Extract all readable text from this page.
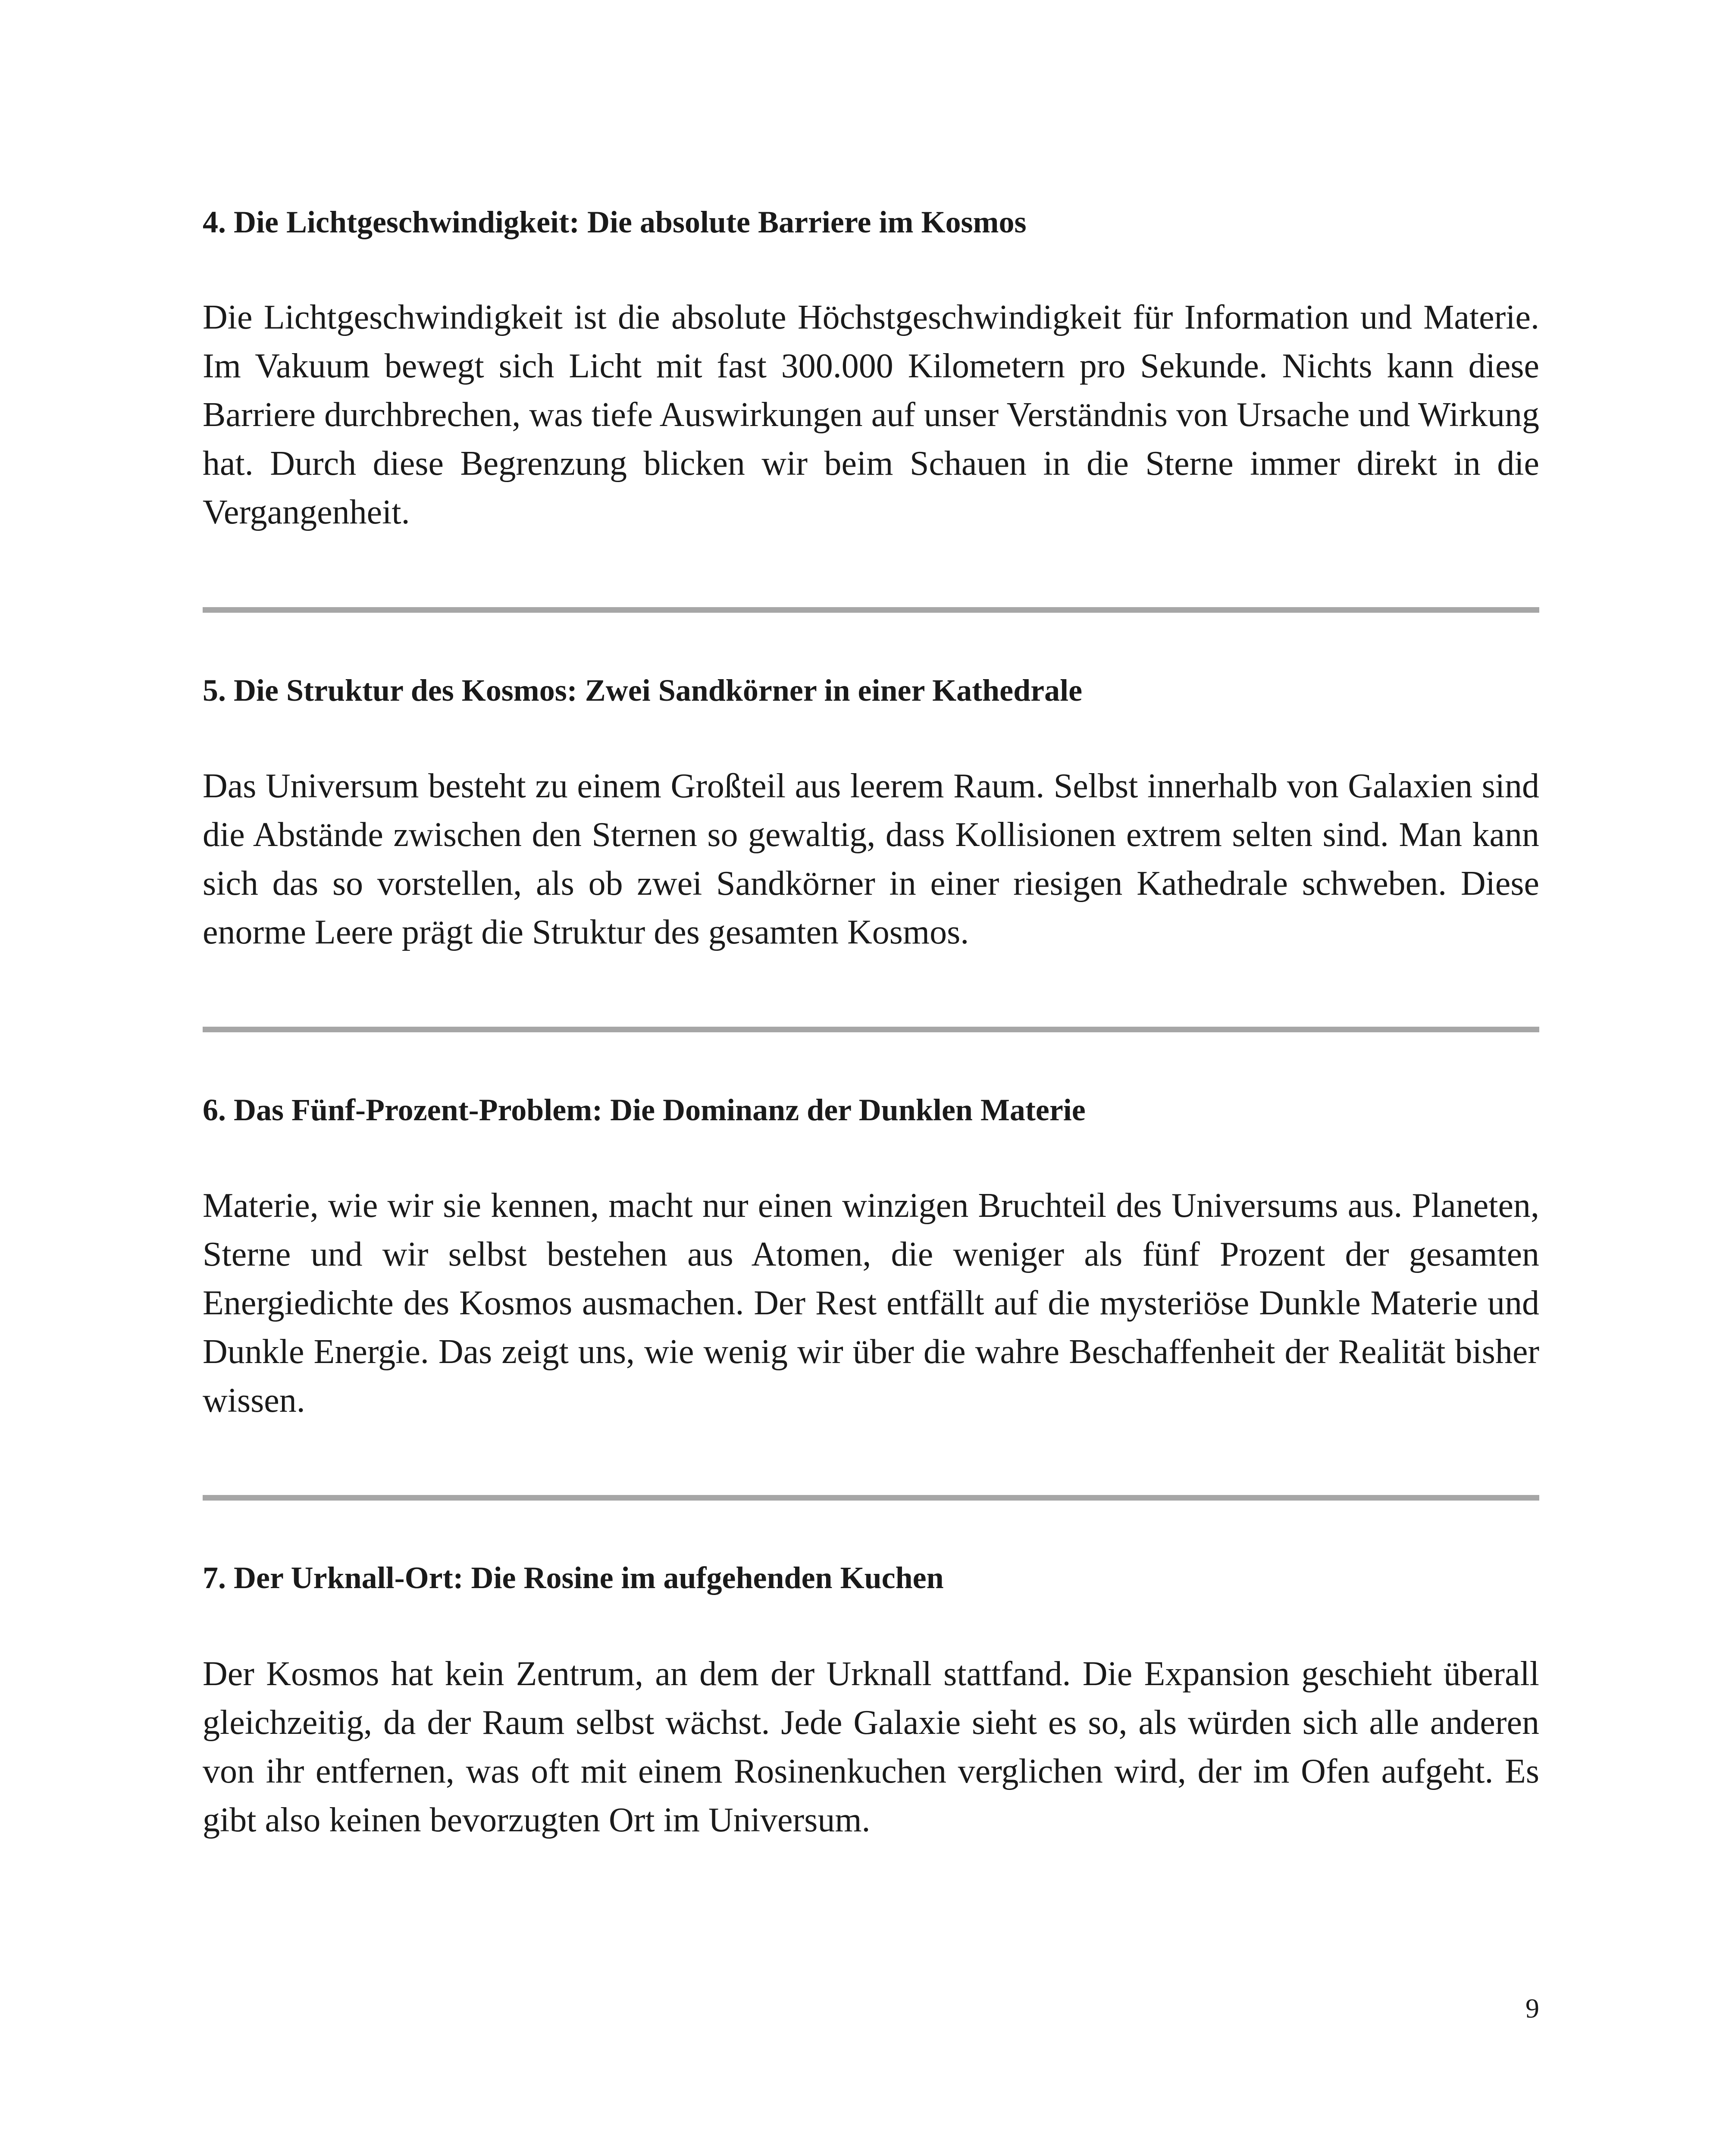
4. Die Lichtgeschwindigkeit: Die absolute Barriere im Kosmos

Die Lichtgeschwindigkeit ist die absolute Höchstgeschwindigkeit für Information und Materie. Im Vakuum bewegt sich Licht mit fast 300.000 Kilometern pro Sekunde. Nichts kann diese Barriere durchbrechen, was tiefe Auswirkungen auf unser Verständnis von Ursache und Wirkung hat. Durch diese Begrenzung blicken wir beim Schauen in die Sterne immer direkt in die Vergangenheit.

5. Die Struktur des Kosmos: Zwei Sandkörner in einer Kathedrale

Das Universum besteht zu einem Großteil aus leerem Raum. Selbst innerhalb von Galaxien sind die Abstände zwischen den Sternen so gewaltig, dass Kollisionen extrem selten sind. Man kann sich das so vorstellen, als ob zwei Sandkörner in einer riesigen Kathedrale schweben. Diese enorme Leere prägt die Struktur des gesamten Kosmos.

6. Das Fünf-Prozent-Problem: Die Dominanz der Dunklen Materie

Materie, wie wir sie kennen, macht nur einen winzigen Bruchteil des Universums aus. Planeten, Sterne und wir selbst bestehen aus Atomen, die weniger als fünf Prozent der gesamten Energiedichte des Kosmos ausmachen. Der Rest entfällt auf die mysteriöse Dunkle Materie und Dunkle Energie. Das zeigt uns, wie wenig wir über die wahre Beschaffenheit der Realität bisher wissen.

7. Der Urknall-Ort: Die Rosine im aufgehenden Kuchen

Der Kosmos hat kein Zentrum, an dem der Urknall stattfand. Die Expansion geschieht überall gleichzeitig, da der Raum selbst wächst. Jede Galaxie sieht es so, als würden sich alle anderen von ihr entfernen, was oft mit einem Rosinenkuchen verglichen wird, der im Ofen aufgeht. Es gibt also keinen bevorzugten Ort im Universum.

9
